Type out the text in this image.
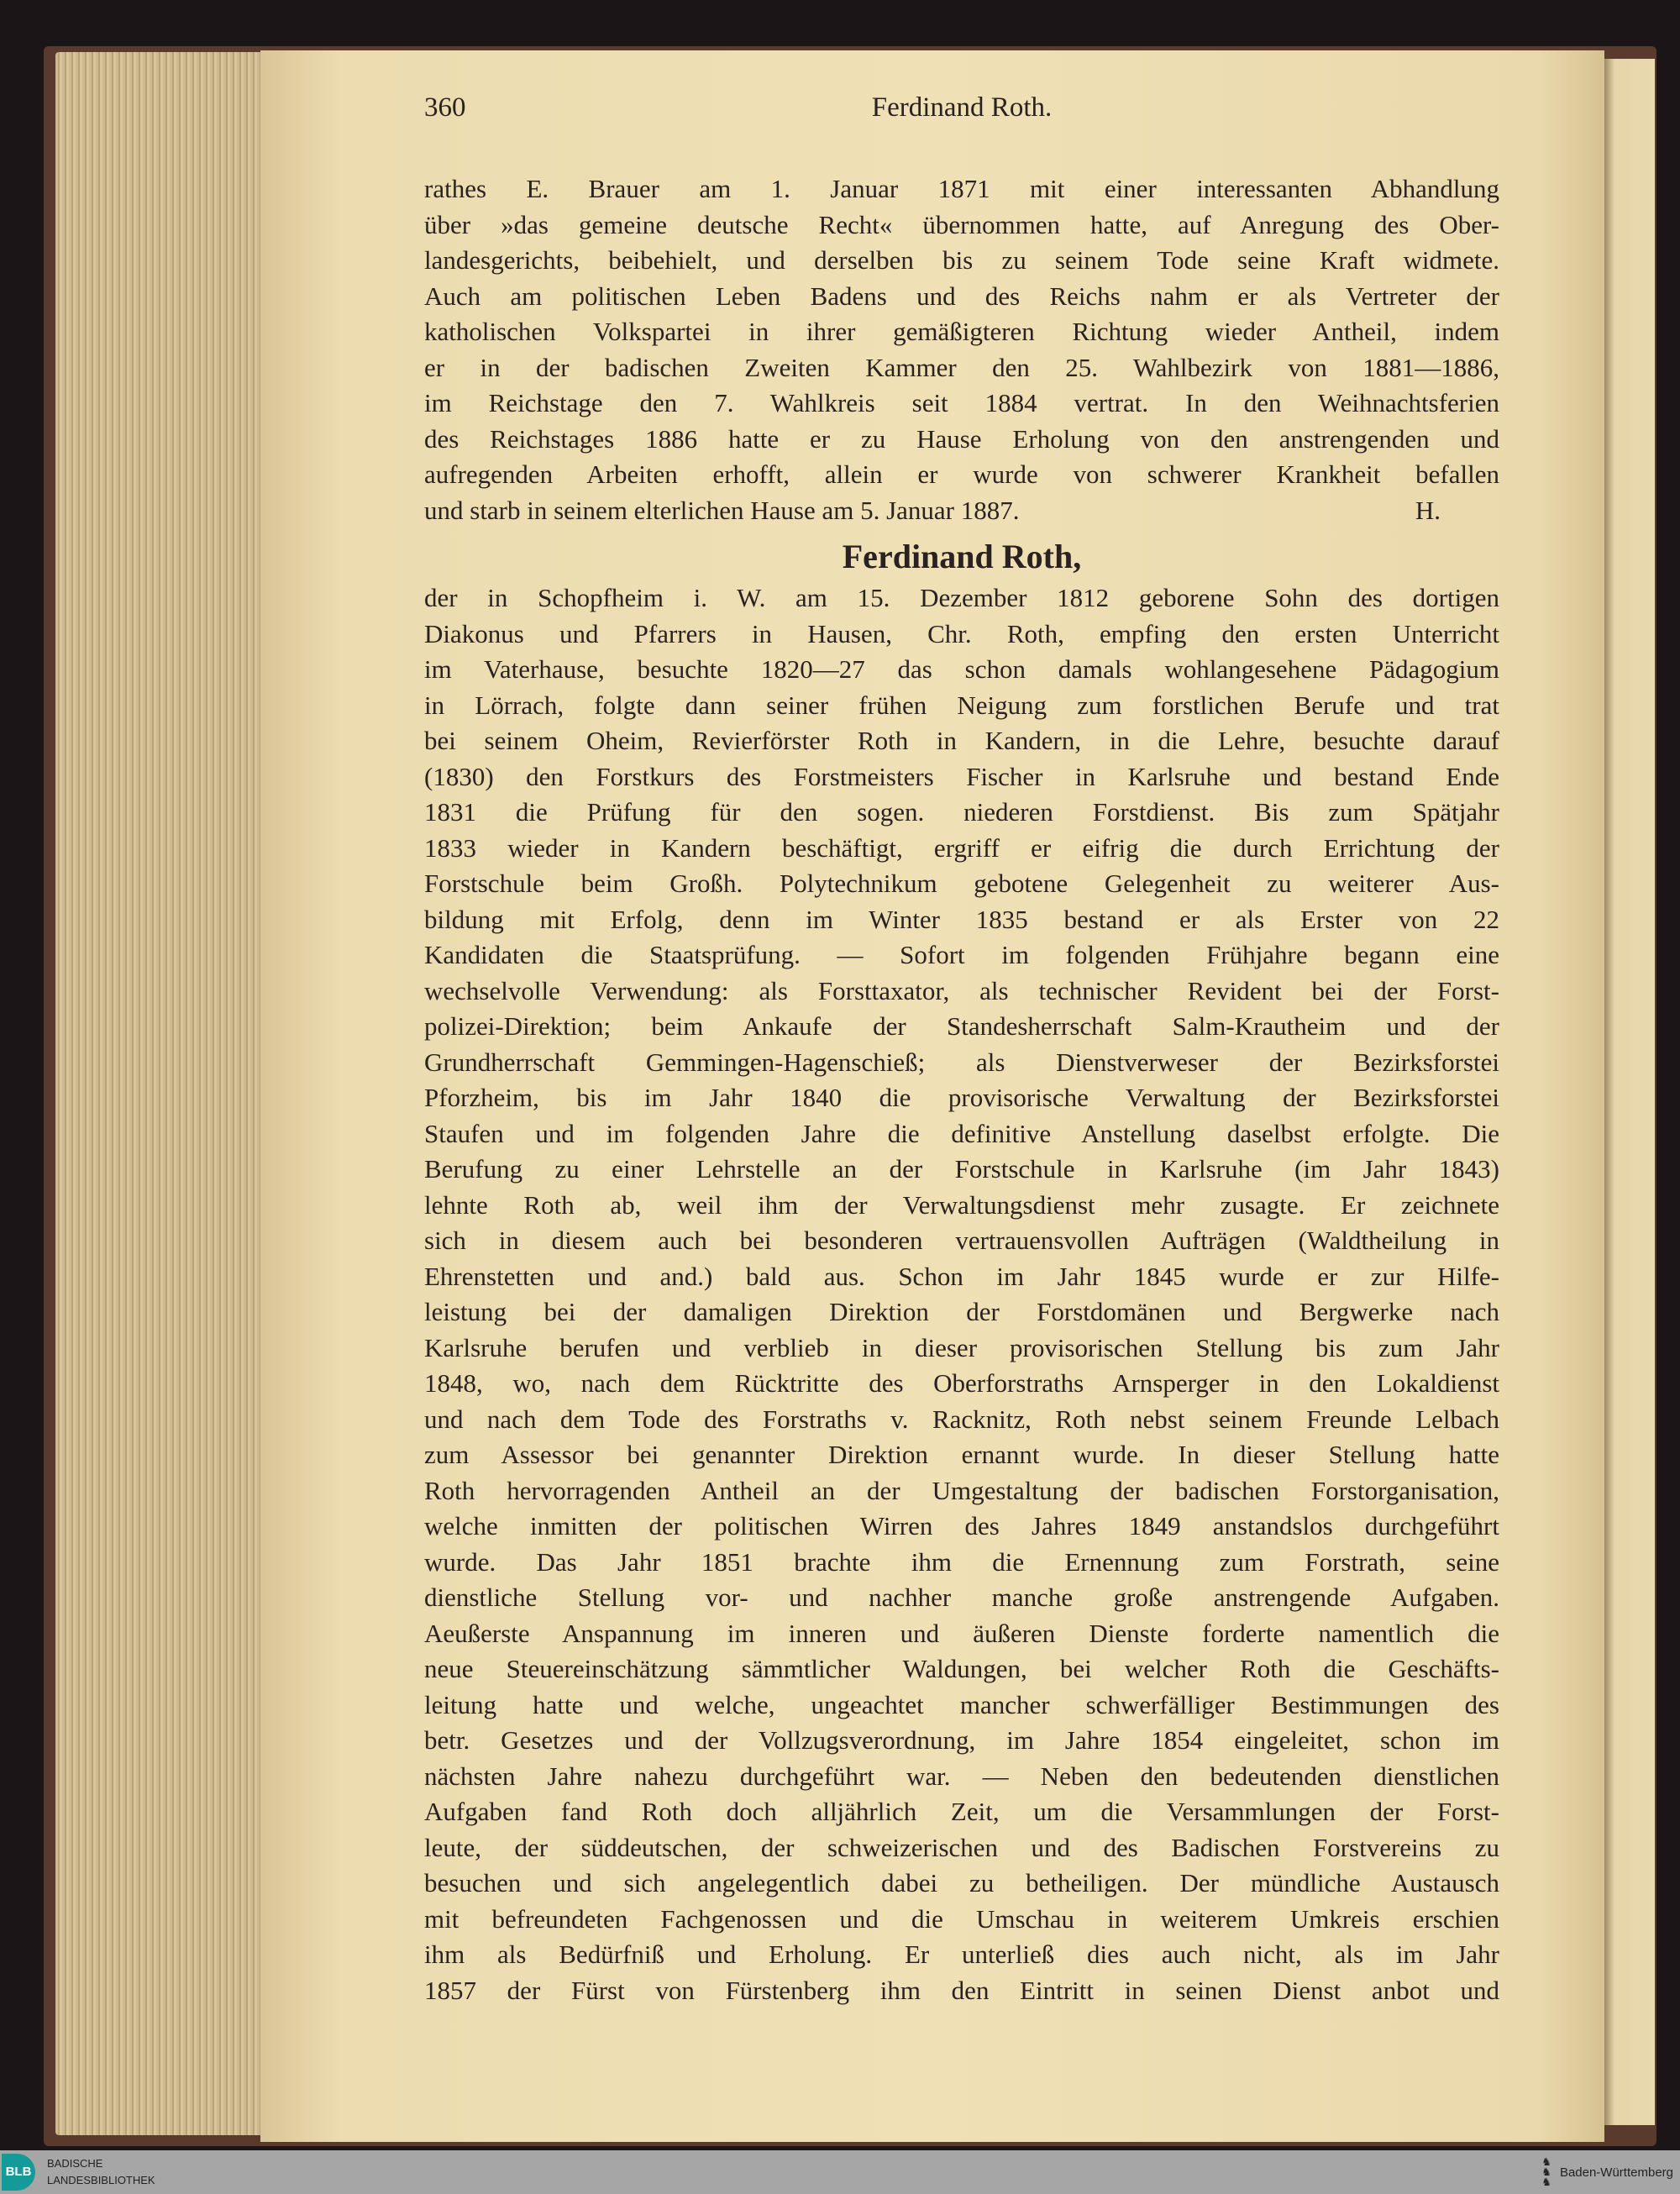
360	Ferdinand Roth.
rathes E. Brauer am 1. Januar 1871 mit einer interessanten Abhandlung
über »das gemeine deutsche Recht« übernommen hatte, auf Anregung des Ober-
landesgerichts, beibehielt, und derselben bis zu seinem Tode seine Kraft widmete.
Auch am politischen Leben Badens und des Reichs nahm er als Vertreter der
katholischen Volkspartei in ihrer gemäßigteren Richtung wieder Antheil, indem
er in der badischen Zweiten Kammer den 25. Wahlbezirk von 1881—1886,
im Reichstage den 7. Wahlkreis seit 1884 vertrat. In den Weihnachtsferien
des Reichstages 1886 hatte er zu Hause Erholung von den anstrengenden und
aufregenden Arbeiten erhofft, allein er wurde von schwerer Krankheit befallen
und starb in seinem elterlichen Hause am 5. Januar 1887.	H.
Ferdinand Roth,
der in Schopfheim i. W. am 15. Dezember 1812 geborene Sohn des dortigen
Diakonus und Pfarrers in Hausen, Chr. Roth, empfing den ersten Unterricht
im Vaterhause, besuchte 1820—27 das schon damals wohlangesehene Pädagogium
in Lörrach, folgte dann seiner frühen Neigung zum forstlichen Berufe und trat
bei seinem Oheim, Revierförster Roth in Kandern, in die Lehre, besuchte darauf
(1830) den Forstkurs des Forstmeisters Fischer in Karlsruhe und bestand Ende
1831 die Prüfung für den sogen. niederen Forstdienst. Bis zum Spätjahr
1833 wieder in Kandern beschäftigt, ergriff er eifrig die durch Errichtung der
Forstschule beim Großh. Polytechnikum gebotene Gelegenheit zu weiterer Aus-
bildung mit Erfolg, denn im Winter 1835 bestand er als Erster von 22
Kandidaten die Staatsprüfung. — Sofort im folgenden Frühjahre begann eine
wechselvolle Verwendung: als Forsttaxator, als technischer Revident bei der Forst-
polizei-Direktion; beim Ankaufe der Standesherrschaft Salm-Krautheim und der
Grundherrschaft Gemmingen-Hagenschieß; als Dienstverweser der Bezirksforstei
Pforzheim, bis im Jahr 1840 die provisorische Verwaltung der Bezirksforstei
Staufen und im folgenden Jahre die definitive Anstellung daselbst erfolgte. Die
Berufung zu einer Lehrstelle an der Forstschule in Karlsruhe (im Jahr 1843)
lehnte Roth ab, weil ihm der Verwaltungsdienst mehr zusagte. Er zeichnete
sich in diesem auch bei besonderen vertrauensvollen Aufträgen (Waldtheilung in
Ehrenstetten und and.) bald aus. Schon im Jahr 1845 wurde er zur Hilfe-
leistung bei der damaligen Direktion der Forstdomänen und Bergwerke nach
Karlsruhe berufen und verblieb in dieser provisorischen Stellung bis zum Jahr
1848, wo, nach dem Rücktritte des Oberforstraths Arnsperger in den Lokaldienst
und nach dem Tode des Forstraths v. Racknitz, Roth nebst seinem Freunde Lelbach
zum Assessor bei genannter Direktion ernannt wurde. In dieser Stellung hatte
Roth hervorragenden Antheil an der Umgestaltung der badischen Forstorganisation,
welche inmitten der politischen Wirren des Jahres 1849 anstandslos durchgeführt
wurde. Das Jahr 1851 brachte ihm die Ernennung zum Forstrath, seine
dienstliche Stellung vor- und nachher manche große anstrengende Aufgaben.
Aeußerste Anspannung im inneren und äußeren Dienste forderte namentlich die
neue Steuereinschätzung sämmtlicher Waldungen, bei welcher Roth die Geschäfts-
leitung hatte und welche, ungeachtet mancher schwerfälliger Bestimmungen des
betr. Gesetzes und der Vollzugsverordnung, im Jahre 1854 eingeleitet, schon im
nächsten Jahre nahezu durchgeführt war. — Neben den bedeutenden dienstlichen
Aufgaben fand Roth doch alljährlich Zeit, um die Versammlungen der Forst-
leute, der süddeutschen, der schweizerischen und des Badischen Forstvereins zu
besuchen und sich angelegentlich dabei zu betheiligen. Der mündliche Austausch
mit befreundeten Fachgenossen und die Umschau in weiterem Umkreis erschien
ihm als Bedürfniß und Erholung. Er unterließ dies auch nicht, als im Jahr
1857 der Fürst von Fürstenberg ihm den Eintritt in seinen Dienst anbot und
BLB
BADISCHE
LANDESBIBLIOTHEK
♞
♞
♞
Baden-Württemberg
